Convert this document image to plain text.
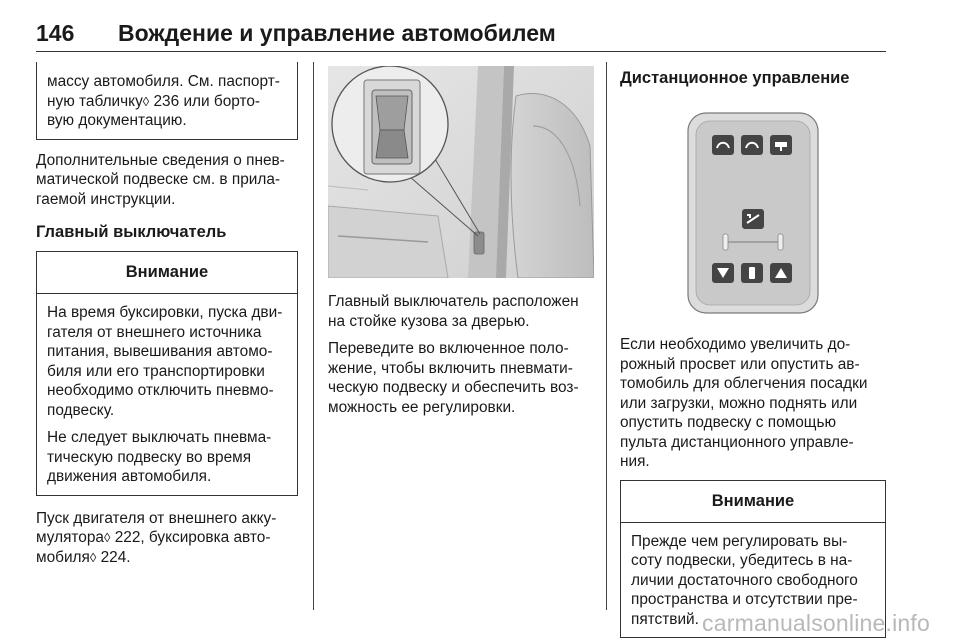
146 Вождение и управление автомобилем
массу автомобиля. См. паспорт-
ную табличку◊ 236 или борто-
вую документацию.
Дополнительные сведения о пнев-
матической подвеске см. в прила-
гаемой инструкции.
Главный выключатель
Внимание
На время буксировки, пуска дви-
гателя от внешнего источника
питания, вывешивания автомо-
биля или его транспортировки
необходимо отключить пневмо-
подвеску.
Не следует выключать пневма-
тическую подвеску во время
движения автомобиля.
Пуск двигателя от внешнего акку-
мулятора◊ 222, буксировка авто-
мобиля◊ 224.
Главный выключатель расположен
на стойке кузова за дверью.
Переведите во включенное поло-
жение, чтобы включить пневмати-
ческую подвеску и обеспечить воз-
можность ее регулировки.
Дистанционное управление
Если необходимо увеличить до-
рожный просвет или опустить ав-
томобиль для облегчения посадки
или загрузки, можно поднять или
опустить подвеску с помощью
пульта дистанционного управле-
ния.
Внимание
Прежде чем регулировать вы-
соту подвески, убедитесь в на-
личии достаточного свободного
пространства и отсутствии пре-
пятствий. carmanualsonline.info
